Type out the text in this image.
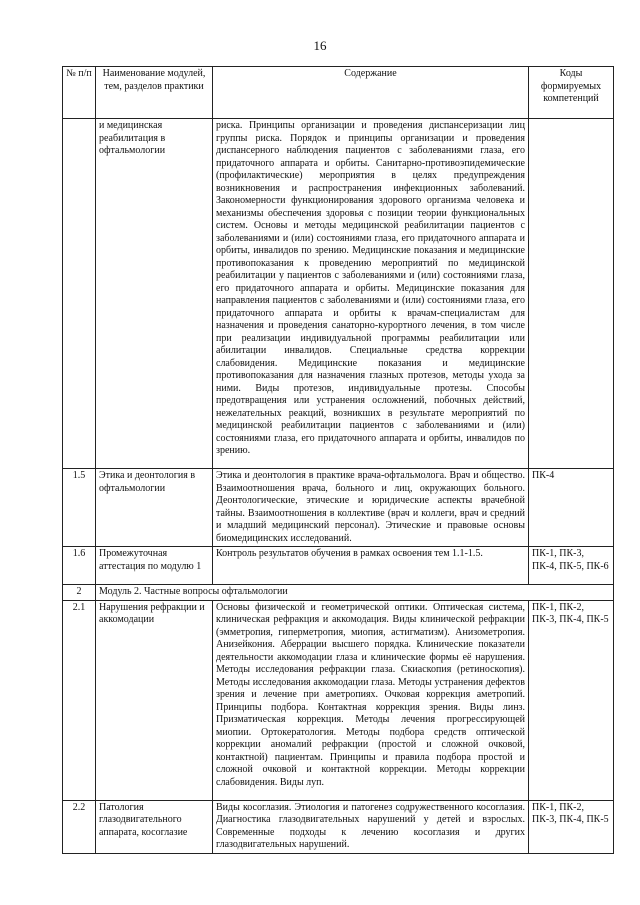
16
№ п/п	Наименование модулей, тем, разделов практики	Содержание	Коды формируемых компетенций
	и медицинская реабилитация в офтальмологии	риска. Принципы организации и проведения диспансеризации лиц группы риска. Порядок и принципы организации и проведения диспансерного наблюдения пациентов с заболеваниями глаза, его придаточного аппарата и орбиты. Санитарно-противоэпидемические (профилактические) мероприятия в целях предупреждения возникновения и распространения инфекционных заболеваний. Закономерности функционирования здорового организма человека и механизмы обеспечения здоровья с позиции теории функциональных систем. Основы и методы медицинской реабилитации пациентов с заболеваниями и (или) состояниями глаза, его придаточного аппарата и орбиты, инвалидов по зрению. Медицинские показания и медицинские противопоказания к проведению мероприятий по медицинской реабилитации у пациентов с заболеваниями и (или) состояниями глаза, его придаточного аппарата и орбиты. Медицинские показания для направления пациентов с заболеваниями и (или) состояниями глаза, его придаточного аппарата и орбиты к врачам-специалистам для назначения и проведения санаторно-курортного лечения, в том числе при реализации индивидуальной программы реабилитации или абилитации инвалидов. Специальные средства коррекции слабовидения. Медицинские показания и медицинские противопоказания для назначения глазных протезов, методы ухода за ними. Виды протезов, индивидуальные протезы. Способы предотвращения или устранения осложнений, побочных действий, нежелательных реакций, возникших в результате мероприятий по медицинской реабилитации пациентов с заболеваниями и (или) состояниями глаза, его придаточного аппарата и орбиты, инвалидов по зрению.	
1.5	Этика и деонтология в офтальмологии	Этика и деонтология в практике врача-офтальмолога. Врач и общество. Взаимоотношения врача, больного и лиц, окружающих больного. Деонтологические, этические и юридические аспекты врачебной тайны. Взаимоотношения в коллективе (врач и коллеги, врач и средний и младший медицинский персонал). Этические и правовые основы биомедицинских исследований.	ПК-4
1.6	Промежуточная аттестация по модулю 1	Контроль результатов обучения в рамках освоения тем 1.1-1.5.	ПК-1, ПК-3, ПК-4, ПК-5, ПК-6
2	Модуль 2. Частные вопросы офтальмологии		
2.1	Нарушения рефракции и аккомодации	Основы физической и геометрической оптики. Оптическая система, клиническая рефракция и аккомодация. Виды клинической рефракции (эмметропия, гиперметропия, миопия, астигматизм). Анизометропия. Анизейкония. Аберрации высшего порядка. Клинические показатели деятельности аккомодации глаза и клинические формы её нарушения. Методы исследования рефракции глаза. Скиаскопия (ретиноскопия). Методы исследования аккомодации глаза. Методы устранения дефектов зрения и лечение при аметропиях. Очковая коррекция аметропий. Принципы подбора. Контактная коррекция зрения. Виды линз. Призматическая коррекция. Методы лечения прогрессирующей миопии. Ортокератология. Методы подбора средств оптической коррекции аномалий рефракции (простой и сложной очковой, контактной) пациентам. Принципы и правила подбора простой и сложной очковой и контактной коррекции. Методы коррекции слабовидения. Виды луп.	ПК-1, ПК-2, ПК-3, ПК-4, ПК-5
2.2	Патология глазодвигательного аппарата, косоглазие	Виды косоглазия. Этиология и патогенез содружественного косоглазия. Диагностика глазодвигательных нарушений у детей и взрослых. Современные подходы к лечению косоглазия и других глазодвигательных нарушений.	ПК-1, ПК-2, ПК-3, ПК-4, ПК-5
